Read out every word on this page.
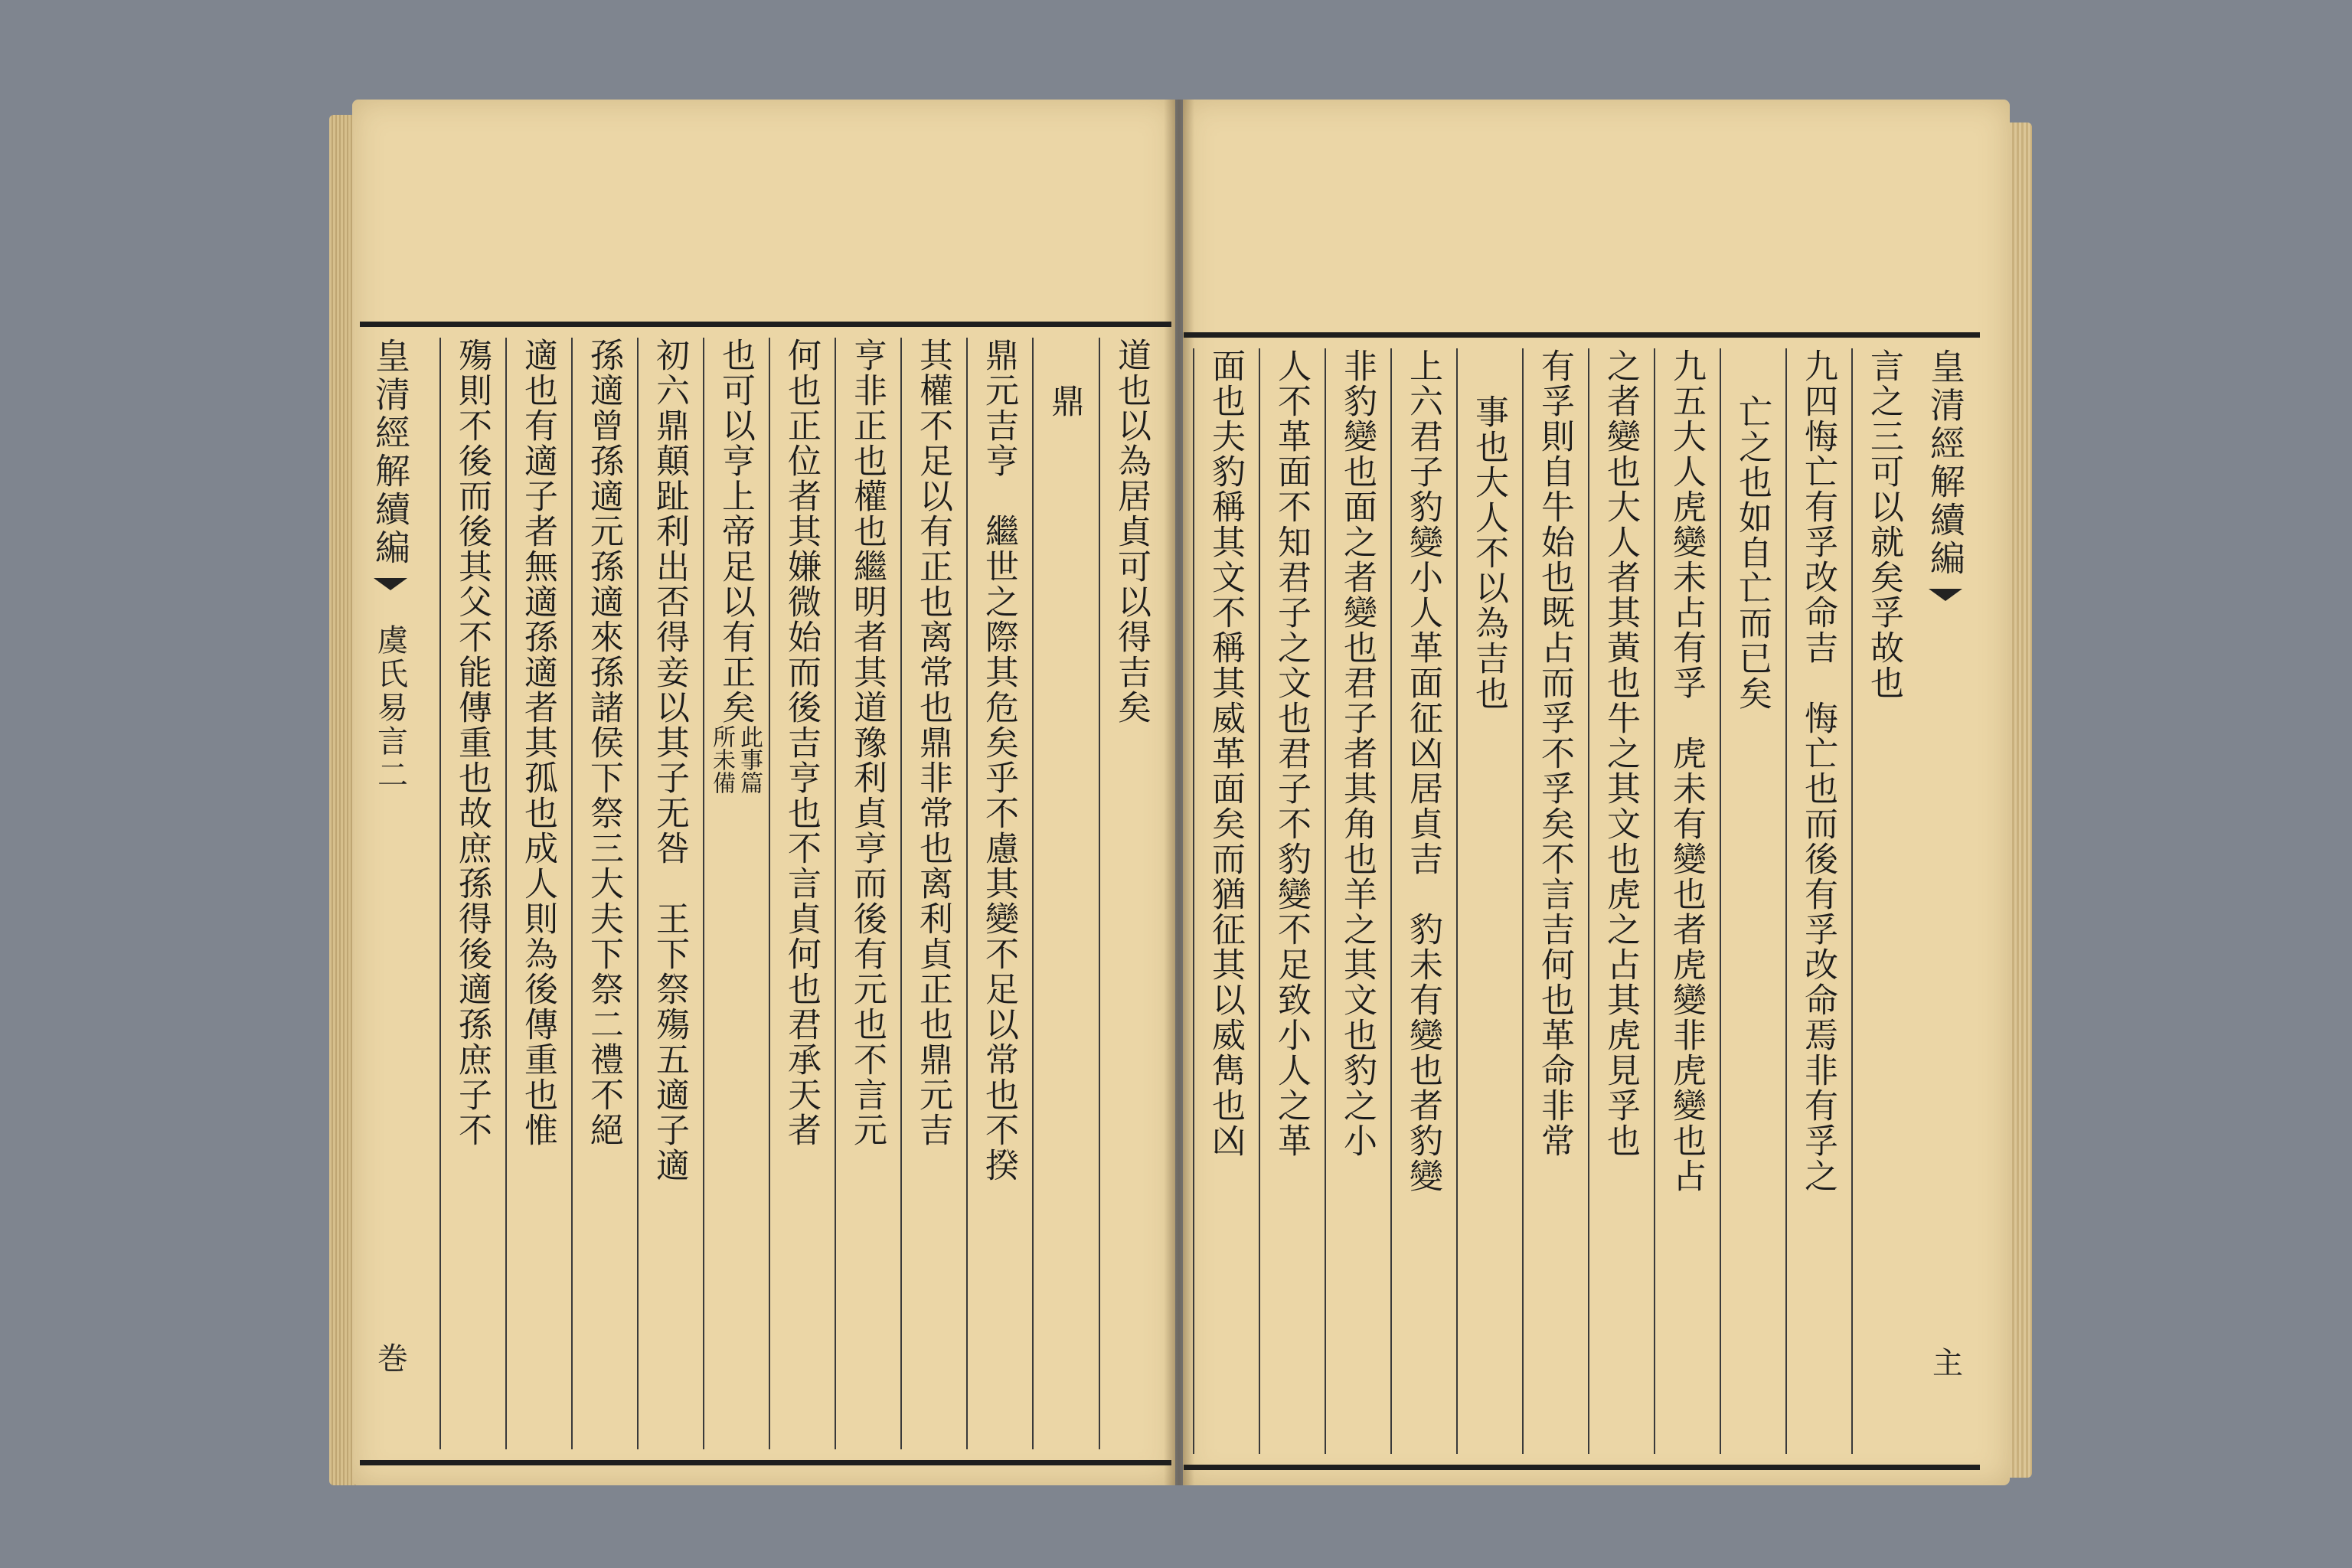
皇清經解續編
虞氏易言二
巻
道也以為居貞可以得吉矣
鼎
鼎元吉亨　繼世之際其危矣乎不慮其變不足以常也不揆
其權不足以有正也离常也鼎非常也离利貞正也鼎元吉
亨非正也權也繼明者其道豫利貞亨而後有元也不言元
何也正位者其嫌微始而後吉亨也不言貞何也君承天者
也可以亨上帝足以有正矣
此事篇
所未備
初六鼎顛趾利出否得妾以其子无咎　王下祭殤五適子適
孫適曾孫適元孫適來孫諸侯下祭三大夫下祭二禮不絕
適也有適子者無適孫適者其孤也成人則為後傳重也惟
殤則不後而後其父不能傳重也故庶孫得後適孫庶子不	皇清經解續編
主
言之三可以就矣孚故也
九四悔亡有孚改命吉　悔亡也而後有孚改命焉非有孚之
亡之也如自亡而已矣
九五大人虎變未占有孚　虎未有變也者虎變非虎變也占
之者變也大人者其黃也牛之其文也虎之占其虎見孚也
有孚則自牛始也既占而孚不孚矣不言吉何也革命非常
事也大人不以為吉也
上六君子豹變小人革面征凶居貞吉　豹未有變也者豹變
非豹變也面之者變也君子者其角也羊之其文也豹之小
人不革面不知君子之文也君子不豹變不足致小人之革
面也夫豹稱其文不稱其威革面矣而猶征其以威雋也凶
